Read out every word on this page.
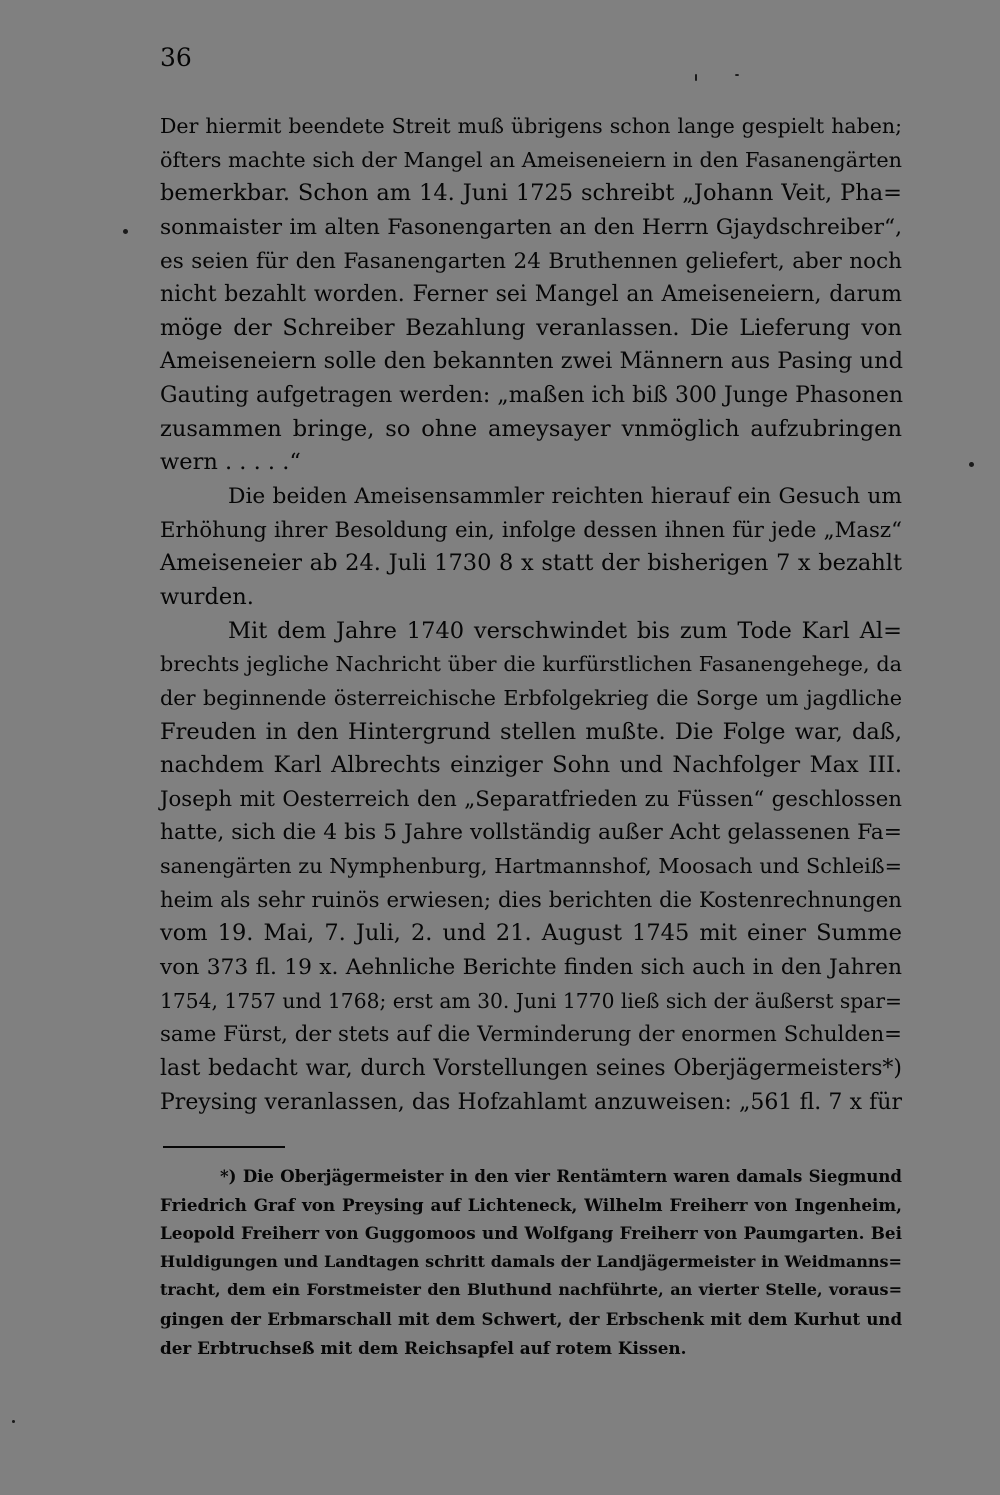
36
Der hiermit beendete Streit muß übrigens schon lange gespielt haben;
öfters machte sich der Mangel an Ameiseneiern in den Fasanengärten
bemerkbar. Schon am 14. Juni 1725 schreibt „Johann Veit, Pha=
sonmaister im alten Fasonengarten an den Herrn Gjaydschreiber“,
es seien für den Fasanengarten 24 Bruthennen geliefert, aber noch
nicht bezahlt worden. Ferner sei Mangel an Ameiseneiern, darum
möge der Schreiber Bezahlung veranlassen. Die Lieferung von
Ameiseneiern solle den bekannten zwei Männern aus Pasing und
Gauting aufgetragen werden: „maßen ich biß 300 Junge Phasonen
zusammen bringe, so ohne ameysayer vnmöglich aufzubringen
wern . . . . .“
Die beiden Ameisensammler reichten hierauf ein Gesuch um
Erhöhung ihrer Besoldung ein, infolge dessen ihnen für jede „Masz“
Ameiseneier ab 24. Juli 1730 8 x statt der bisherigen 7 x bezahlt
wurden.
Mit dem Jahre 1740 verschwindet bis zum Tode Karl Al=
brechts jegliche Nachricht über die kurfürstlichen Fasanengehege, da
der beginnende österreichische Erbfolgekrieg die Sorge um jagdliche
Freuden in den Hintergrund stellen mußte. Die Folge war, daß,
nachdem Karl Albrechts einziger Sohn und Nachfolger Max III.
Joseph mit Oesterreich den „Separatfrieden zu Füssen“ geschlossen
hatte, sich die 4 bis 5 Jahre vollständig außer Acht gelassenen Fa=
sanengärten zu Nymphenburg, Hartmannshof, Moosach und Schleiß=
heim als sehr ruinös erwiesen; dies berichten die Kostenrechnungen
vom 19. Mai, 7. Juli, 2. und 21. August 1745 mit einer Summe
von 373 fl. 19 x. Aehnliche Berichte finden sich auch in den Jahren
1754, 1757 und 1768; erst am 30. Juni 1770 ließ sich der äußerst spar=
same Fürst, der stets auf die Verminderung der enormen Schulden=
last bedacht war, durch Vorstellungen seines Oberjägermeisters*)
Preysing veranlassen, das Hofzahlamt anzuweisen: „561 fl. 7 x für
*) Die Oberjägermeister in den vier Rentämtern waren damals Siegmund
Friedrich Graf von Preysing auf Lichteneck, Wilhelm Freiherr von Ingenheim,
Leopold Freiherr von Guggomoos und Wolfgang Freiherr von Paumgarten. Bei
Huldigungen und Landtagen schritt damals der Landjägermeister in Weidmanns=
tracht, dem ein Forstmeister den Bluthund nachführte, an vierter Stelle, voraus=
gingen der Erbmarschall mit dem Schwert, der Erbschenk mit dem Kurhut und
der Erbtruchseß mit dem Reichsapfel auf rotem Kissen.
